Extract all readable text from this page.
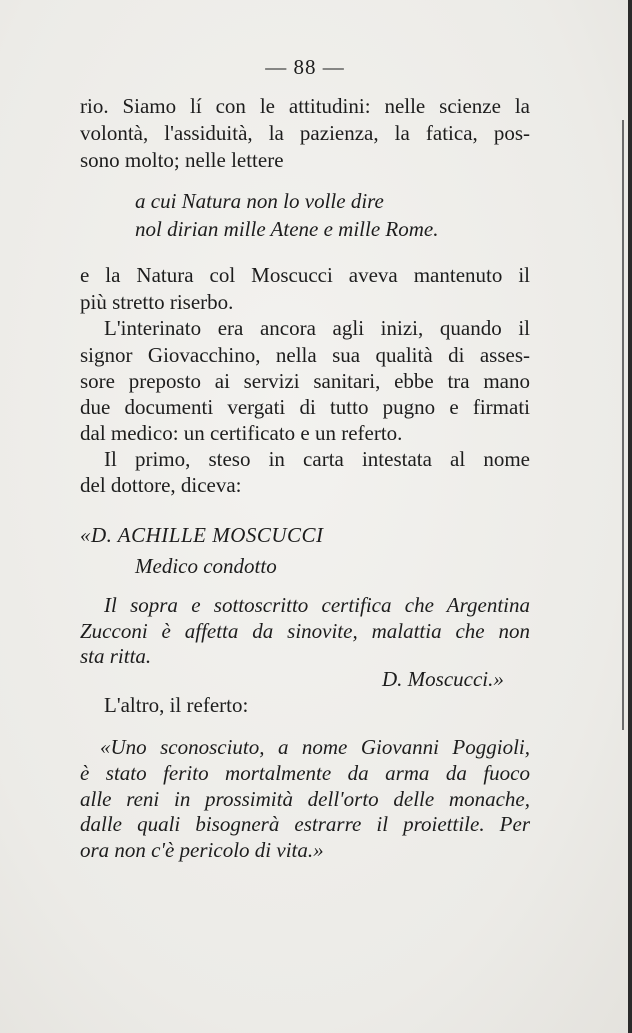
— 88 —
rio. Siamo lí con le attitudini: nelle scienze la
volontà, l'assiduità, la pazienza, la fatica, pos-
sono molto; nelle lettere
a cui Natura non lo volle dire
nol dirian mille Atene e mille Rome.
e la Natura col Moscucci aveva mantenuto il
più stretto riserbo.
L'interinato era ancora agli inizi, quando il
signor Giovacchino, nella sua qualità di asses-
sore preposto ai servizi sanitari, ebbe tra mano
due documenti vergati di tutto pugno e firmati
dal medico: un certificato e un referto.
Il primo, steso in carta intestata al nome
del dottore, diceva:
«D. ACHILLE MOSCUCCI
Medico condotto
Il sopra e sottoscritto certifica che Argentina
Zucconi è affetta da sinovite, malattia che non
sta ritta.
D. Moscucci.»
L'altro, il referto:
«Uno sconosciuto, a nome Giovanni Poggioli,
è stato ferito mortalmente da arma da fuoco
alle reni in prossimità dell'orto delle monache,
dalle quali bisognerà estrarre il proiettile. Per
ora non c'è pericolo di vita.»
